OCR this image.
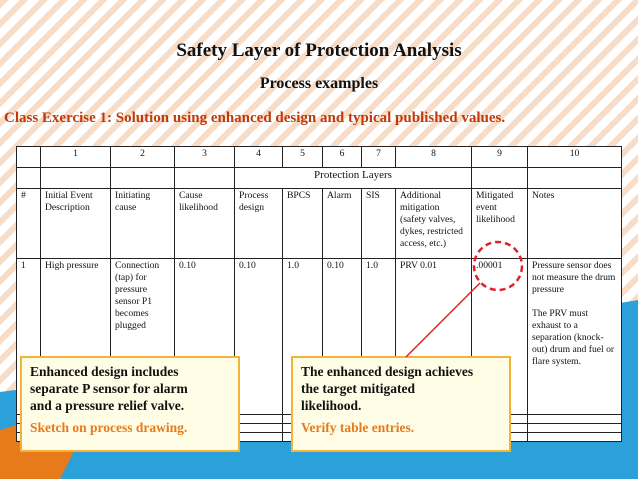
Safety Layer of Protection Analysis
Process examples
Class Exercise 1: Solution using enhanced design and typical published values.
	1	2	3	4	5	6	7	8	9	10
				Protection Layers						
#	Initial Event Description	Initiating cause	Cause likelihood	Process design	BPCS	Alarm	SIS	Additional mitigation (safety valves, dykes, restricted access, etc.)	Mitigated event likelihood	Notes
1	High pressure	Connection (tap) for pressure sensor P1 becomes plugged	0.10	0.10	1.0	0.10	1.0	PRV 0.01	.00001	Pressure sensor does not measure the drum pressure
The PRV must exhaust to a separation (knock-out) drum and fuel or flare system.

Enhanced design includes
separate P sensor for alarm
and a pressure relief valve.
Sketch on process drawing.
The enhanced design achieves
the target mitigated
likelihood.
Verify table entries.
